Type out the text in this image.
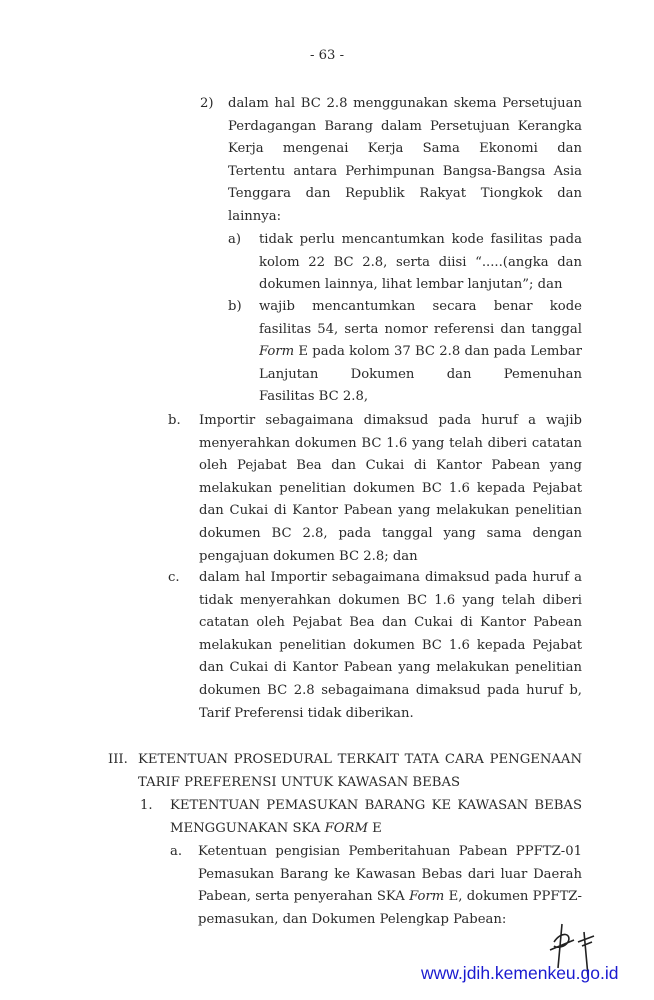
- 63 -
2) dalam hal BC 2.8 menggunakan skema Persetujuan
Perdagangan Barang dalam Persetujuan Kerangka
Kerja mengenai Kerja Sama Ekonomi dan
Tertentu antara Perhimpunan Bangsa-Bangsa Asia
Tenggara dan Republik Rakyat Tiongkok dan
lainnya:
a) tidak perlu mencantumkan kode fasilitas pada
kolom 22 BC 2.8, serta diisi “.....(angka dan
dokumen lainnya, lihat lembar lanjutan”; dan
b) wajib mencantumkan secara benar kode
fasilitas 54, serta nomor referensi dan tanggal
Form E pada kolom 37 BC 2.8 dan pada Lembar
Lanjutan Dokumen dan Pemenuhan
Fasilitas BC 2.8,
b. Importir sebagaimana dimaksud pada huruf a wajib
menyerahkan dokumen BC 1.6 yang telah diberi catatan
oleh Pejabat Bea dan Cukai di Kantor Pabean yang
melakukan penelitian dokumen BC 1.6 kepada Pejabat
dan Cukai di Kantor Pabean yang melakukan penelitian
dokumen BC 2.8, pada tanggal yang sama dengan
pengajuan dokumen BC 2.8; dan
c. dalam hal Importir sebagaimana dimaksud pada huruf a
tidak menyerahkan dokumen BC 1.6 yang telah diberi
catatan oleh Pejabat Bea dan Cukai di Kantor Pabean
melakukan penelitian dokumen BC 1.6 kepada Pejabat
dan Cukai di Kantor Pabean yang melakukan penelitian
dokumen BC 2.8 sebagaimana dimaksud pada huruf b,
Tarif Preferensi tidak diberikan.
III. KETENTUAN PROSEDURAL TERKAIT TATA CARA PENGENAAN
TARIF PREFERENSI UNTUK KAWASAN BEBAS
1. KETENTUAN PEMASUKAN BARANG KE KAWASAN BEBAS
MENGGUNAKAN SKA FORM E
a. Ketentuan pengisian Pemberitahuan Pabean PPFTZ-01
Pemasukan Barang ke Kawasan Bebas dari luar Daerah
Pabean, serta penyerahan SKA Form E, dokumen PPFTZ-
pemasukan, dan Dokumen Pelengkap Pabean:
www.jdih.kemenkeu.go.id
